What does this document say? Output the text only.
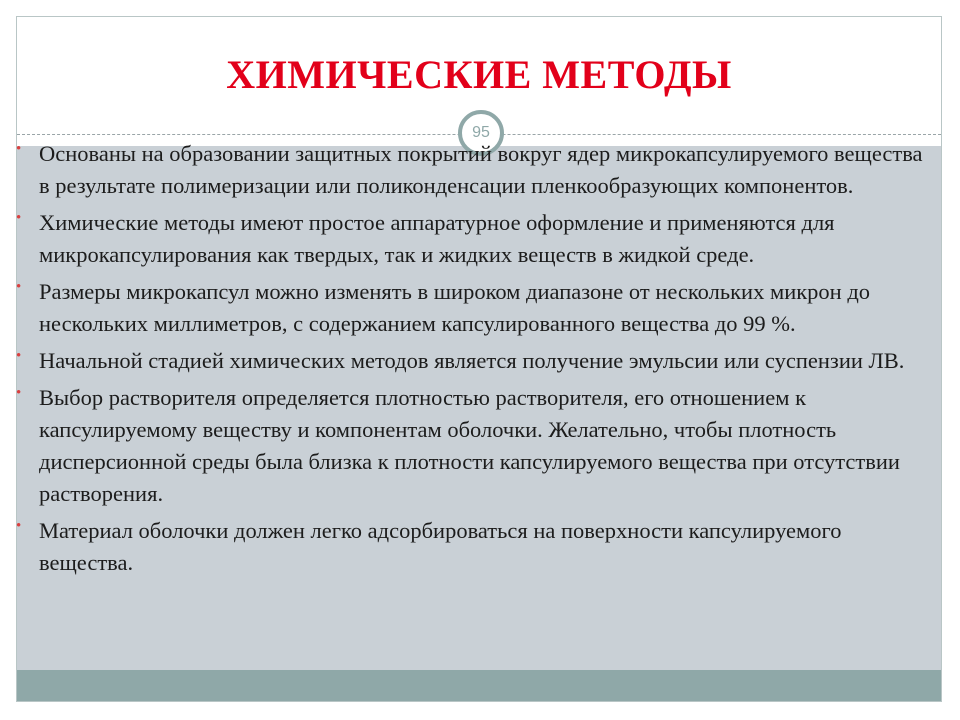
ХИМИЧЕСКИЕ МЕТОДЫ
95
• Основаны на образовании защитных покрытий вокруг ядер микрокапсулируемого вещества в результате полимеризации или поликонденсации пленкообразующих компонентов.
• Химические методы имеют простое аппаратурное оформление и применяются для микрокапсулирования как твердых, так и жидких веществ в жидкой среде.
• Размеры микрокапсул можно изменять в широком диапазоне от нескольких микрон до нескольких миллиметров, с содержанием капсулированного вещества до 99 %.
• Начальной стадией химических методов является получение эмульсии или суспензии ЛВ.
• Выбор растворителя определяется плотностью растворителя, его отношением к капсулируемому веществу и компонентам оболочки. Желательно, чтобы плотность дисперсионной среды была близка к плотности капсулируемого вещества при отсутствии растворения.
• Материал оболочки должен легко адсорбироваться на поверхности капсулируемого вещества.
